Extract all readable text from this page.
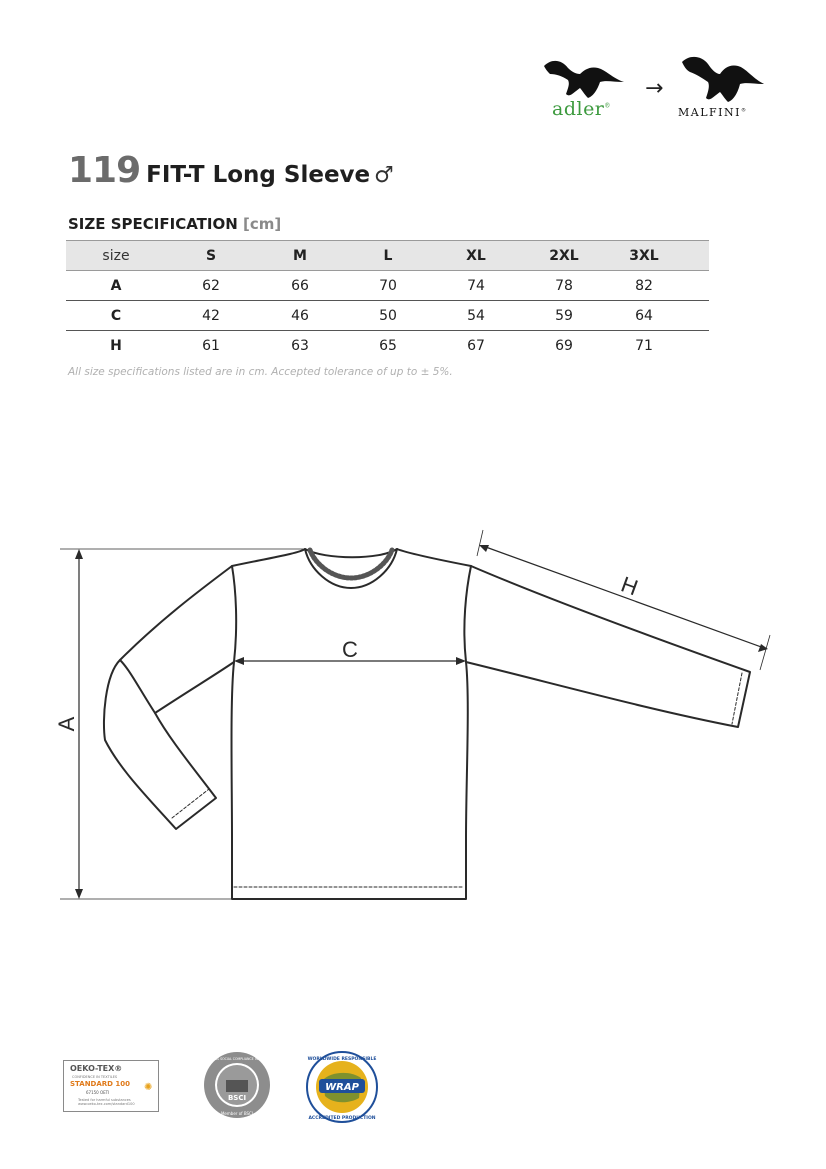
adler®
→
MALFINI®
119 FIT-T Long Sleeve ♂
SIZE SPECIFICATION [cm]
size	S	M	L	XL	2XL	3XL	
A	62	66	70	74	78	82	
C	42	46	50	54	59	64	
H	61	63	65	67	69	71	
All size specifications listed are in cm. Accepted tolerance of up to ± 5%.
A
C
H
OEKO-TEX®
CONFIDENCE IN TEXTILES
STANDARD 100
67150 OETI
Tested for harmful substances www.oeko-tex.com/standard100
✺
BSCI
BUSINESS SOCIAL COMPLIANCE INITIATIVE
Member of BSCI
WRAP
WORLDWIDE RESPONSIBLE
ACCREDITED PRODUCTION
